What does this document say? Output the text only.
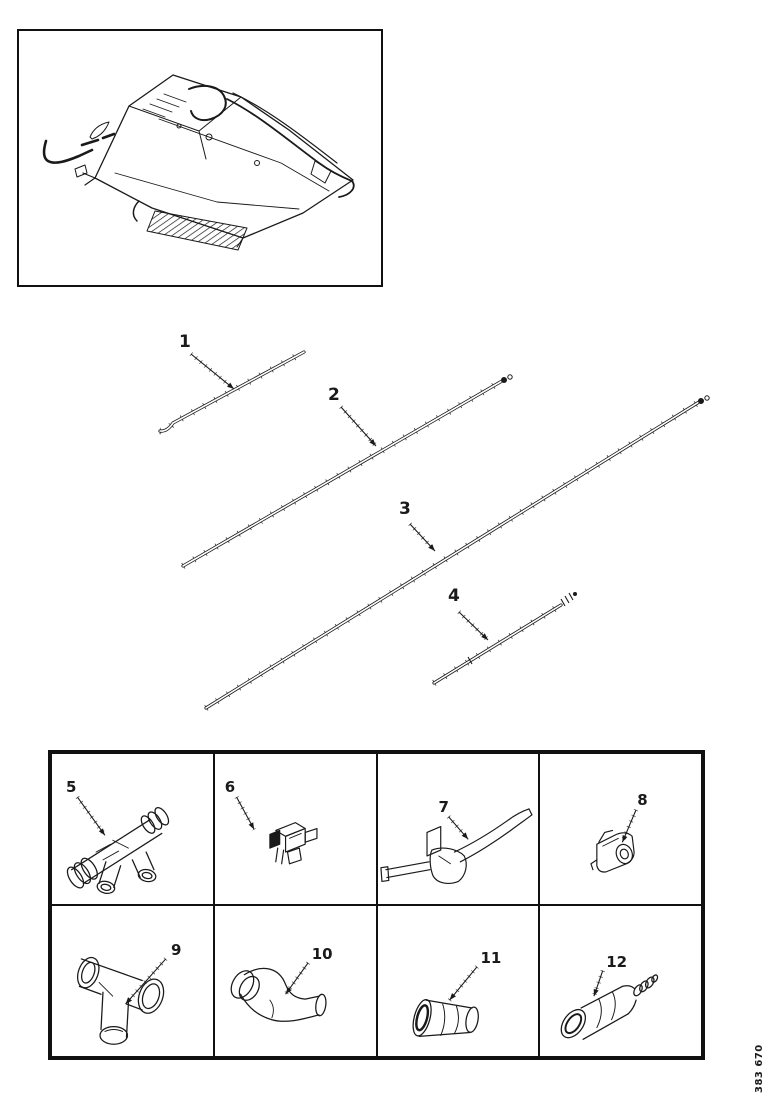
1
2
3
4
5	6
7	8
9	10	11	12
383 670
